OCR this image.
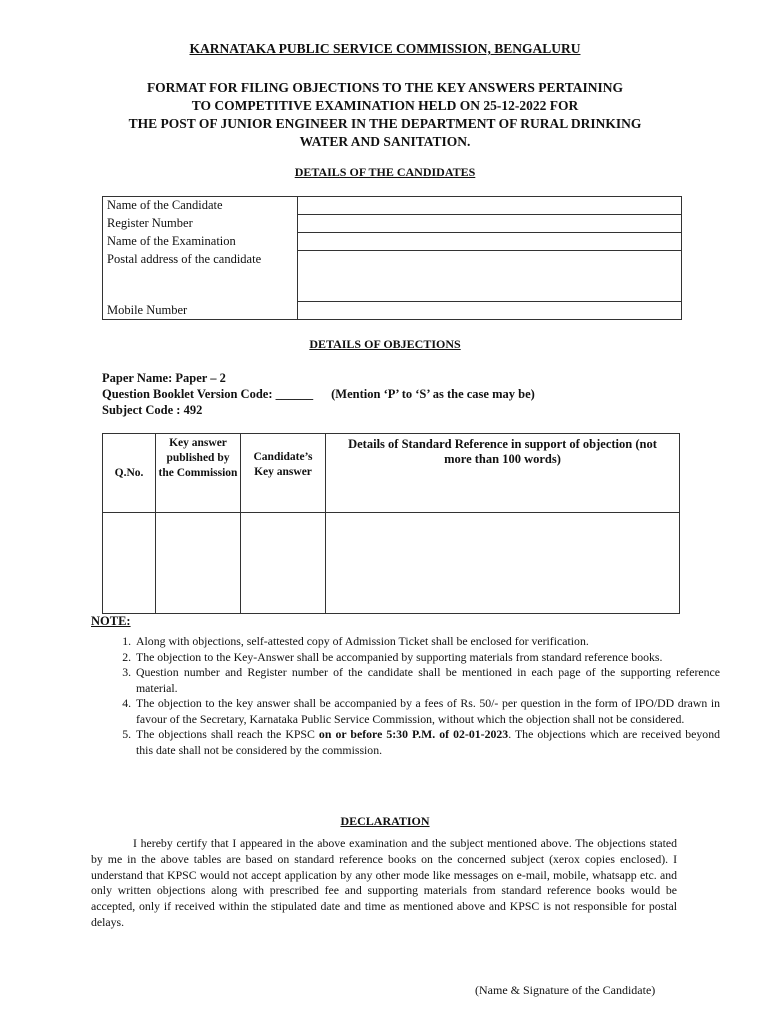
KARNATAKA PUBLIC SERVICE COMMISSION, BENGALURU
FORMAT FOR FILING OBJECTIONS TO THE KEY ANSWERS PERTAINING
TO COMPETITIVE EXAMINATION HELD ON 25-12-2022 FOR
THE POST OF JUNIOR ENGINEER IN THE DEPARTMENT OF RURAL DRINKING
WATER AND SANITATION.
DETAILS OF THE CANDIDATES
Name of the Candidate	
Register Number	
Name of the Examination	
Postal address of the candidate	
Mobile Number	
DETAILS OF OBJECTIONS
Paper Name: Paper – 2
Question Booklet Version Code: ______ (Mention ‘P’ to ‘S’ as the case may be)
Subject Code : 492
Q.No.	Key answer published by the Commission	Candidate’s Key answer	Details of Standard Reference in support of objection (not more than 100 words)

NOTE:
1. Along with objections, self-attested copy of Admission Ticket shall be enclosed for verification.
2. The objection to the Key-Answer shall be accompanied by supporting materials from standard reference books.
3. Question number and Register number of the candidate shall be mentioned in each page of the supporting reference material.
4. The objection to the key answer shall be accompanied by a fees of Rs. 50/- per question in the form of IPO/DD drawn in favour of the Secretary, Karnataka Public Service Commission, without which the objection shall not be considered.
5. The objections shall reach the KPSC on or before 5:30 P.M. of 02-01-2023. The objections which are received beyond this date shall not be considered by the commission.
DECLARATION

I hereby certify that I appeared in the above examination and the subject mentioned above. The objections stated by me in the above tables are based on standard reference books on the concerned subject (xerox copies enclosed). I understand that KPSC would not accept application by any other mode like messages on e-mail, mobile, whatsapp etc. and only written objections along with prescribed fee and supporting materials from standard reference books would be accepted, only if received within the stipulated date and time as mentioned above and KPSC is not responsible for postal delays.

(Name & Signature of the Candidate)
